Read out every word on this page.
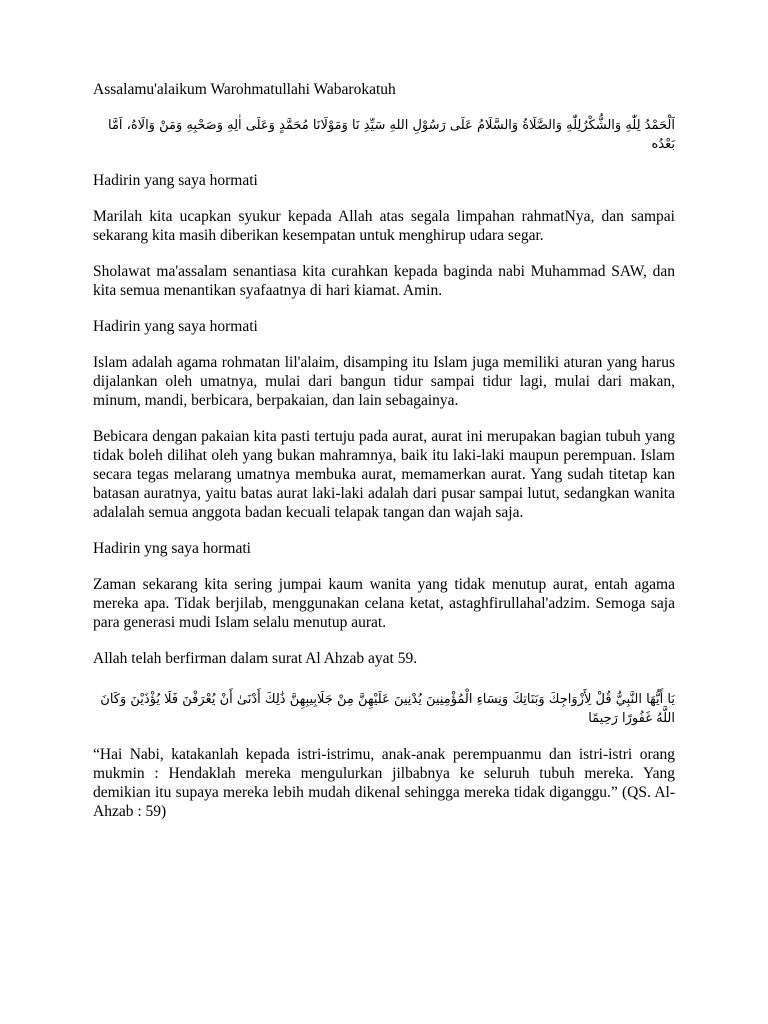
Assalamu'alaikum Warohmatullahi Wabarokatuh

اَلْحَمْدُ لِلّٰهِ وَالشُّكْرُلِلّٰهِ وَالصَّلَاةُ وَالسَّلَامُ عَلَى رَسُوْلِ اللهِ سَيِّدِ نَا وَمَوْلَانَا مُحَمَّدٍ وَعَلَى اٰلِهِ وَصَحْبِهِ وَمَنْ وَالَاهُ، اَمَّا بَعْدُه

Hadirin yang saya hormati

Marilah kita ucapkan syukur kepada Allah atas segala limpahan rahmatNya, dan sampai sekarang kita masih diberikan kesempatan untuk menghirup udara segar.

Sholawat ma'assalam senantiasa kita curahkan kepada baginda nabi Muhammad SAW, dan kita semua menantikan syafaatnya di hari kiamat. Amin.

Hadirin yang saya hormati

Islam adalah agama rohmatan lil'alaim, disamping itu Islam juga memiliki aturan yang harus dijalankan oleh umatnya, mulai dari bangun tidur sampai tidur lagi, mulai dari makan, minum, mandi, berbicara, berpakaian, dan lain sebagainya.

Bebicara dengan pakaian kita pasti tertuju pada aurat, aurat ini merupakan bagian tubuh yang tidak boleh dilihat oleh yang bukan mahramnya, baik itu laki-laki maupun perempuan. Islam secara tegas melarang umatnya membuka aurat, memamerkan aurat. Yang sudah titetap kan batasan auratnya, yaitu batas aurat laki-laki adalah dari pusar sampai lutut, sedangkan wanita adalalah semua anggota badan kecuali telapak tangan dan wajah saja.

Hadirin yng saya hormati

Zaman sekarang kita sering jumpai kaum wanita yang tidak menutup aurat, entah agama mereka apa. Tidak berjilab, menggunakan celana ketat, astaghfirullahal'adzim. Semoga saja para generasi mudi Islam selalu menutup aurat.

Allah telah berfirman dalam surat Al Ahzab ayat 59.

يَا أَيُّهَا النَّبِيُّ قُلْ لِأَزْوَاجِكَ وَبَنَاتِكَ وَنِسَاءِ الْمُؤْمِنِينَ يُدْنِينَ عَلَيْهِنَّ مِنْ جَلَابِيبِهِنَّ ذَٰلِكَ أَدْنَىٰ أَنْ يُعْرَفْنَ فَلَا يُؤْذَيْنَ وَكَانَ اللَّهُ غَفُورًا رَحِيمًا

“Hai Nabi, katakanlah kepada istri-istrimu, anak-anak perempuanmu dan istri-istri orang mukmin : Hendaklah mereka mengulurkan jilbabnya ke seluruh tubuh mereka. Yang demikian itu supaya mereka lebih mudah dikenal sehingga mereka tidak diganggu.” (QS. Al-Ahzab : 59)
